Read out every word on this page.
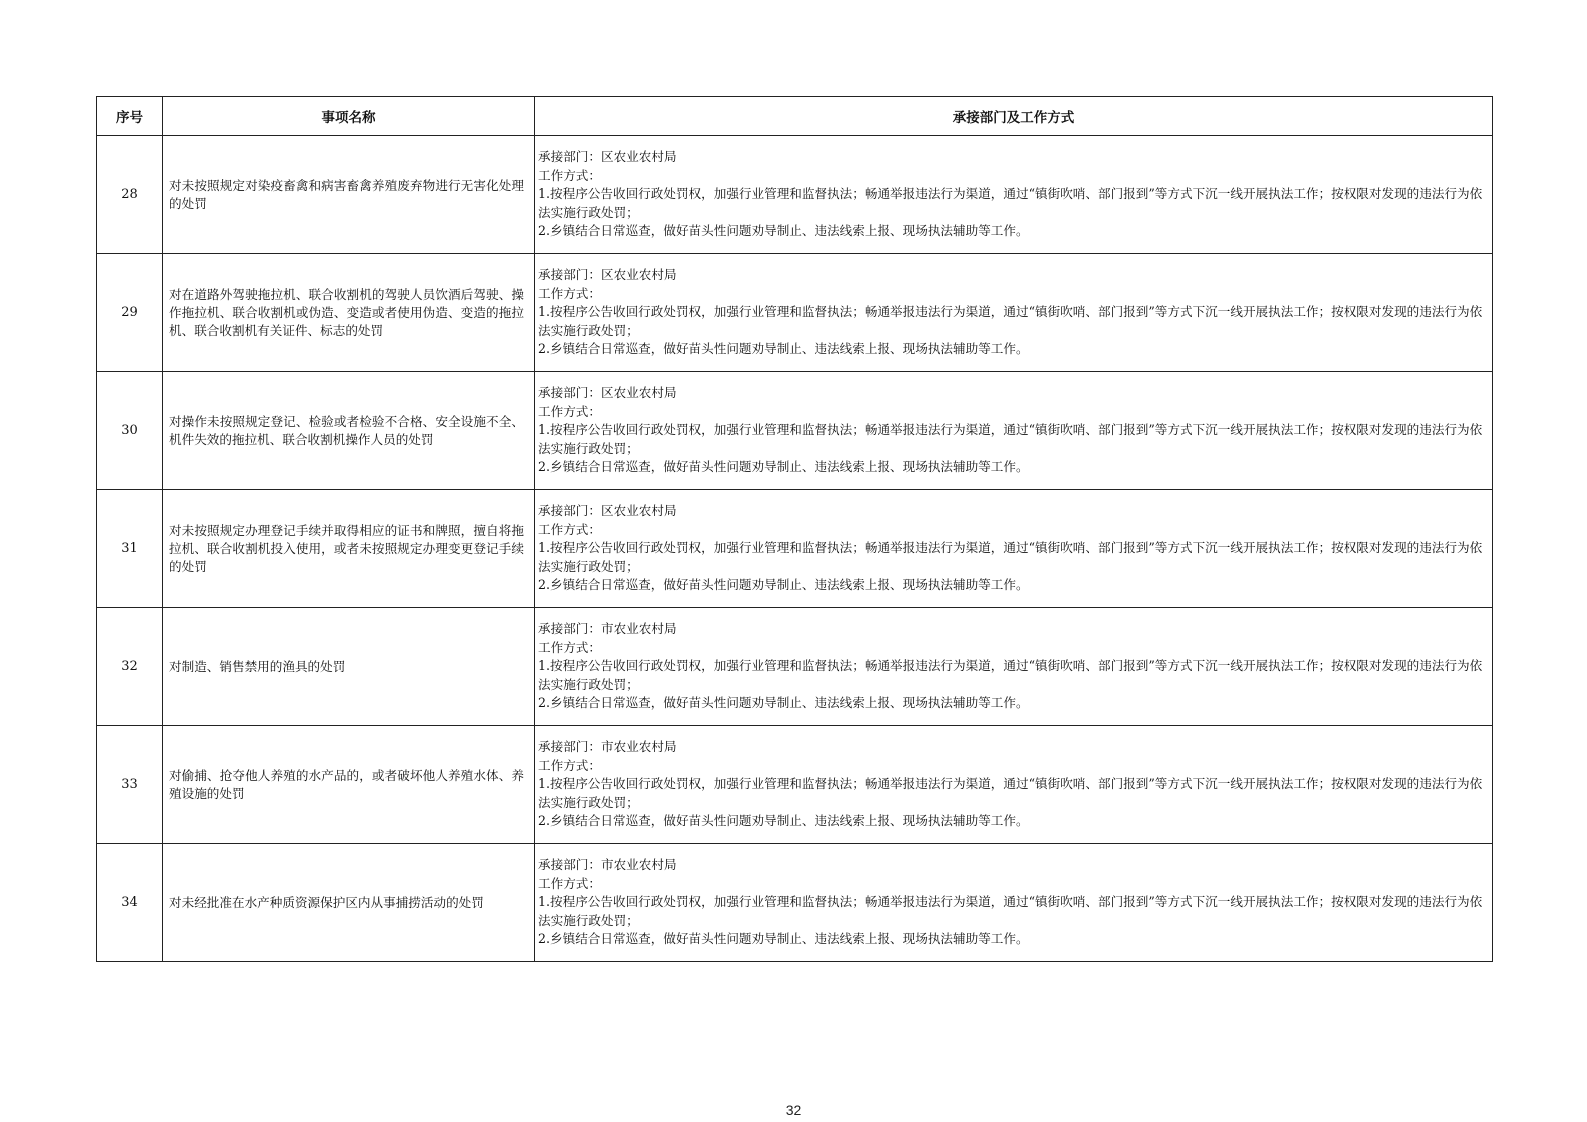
序号	事项名称	承接部门及工作方式
28	对未按照规定对染疫畜禽和病害畜禽养殖废弃物进行无害化处理的处罚	承接部门：区农业农村局
工作方式：
1.按程序公告收回行政处罚权，加强行业管理和监督执法；畅通举报违法行为渠道，通过“镇街吹哨、部门报到”等方式下沉一线开展执法工作；按权限对发现的违法行为依法实施行政处罚；
2.乡镇结合日常巡查，做好苗头性问题劝导制止、违法线索上报、现场执法辅助等工作。

29	对在道路外驾驶拖拉机、联合收割机的驾驶人员饮酒后驾驶、操作拖拉机、联合收割机或伪造、变造或者使用伪造、变造的拖拉机、联合收割机有关证件、标志的处罚	承接部门：区农业农村局
工作方式：
1.按程序公告收回行政处罚权，加强行业管理和监督执法；畅通举报违法行为渠道，通过“镇街吹哨、部门报到”等方式下沉一线开展执法工作；按权限对发现的违法行为依法实施行政处罚；
2.乡镇结合日常巡查，做好苗头性问题劝导制止、违法线索上报、现场执法辅助等工作。

30	对操作未按照规定登记、检验或者检验不合格、安全设施不全、机件失效的拖拉机、联合收割机操作人员的处罚	承接部门：区农业农村局
工作方式：
1.按程序公告收回行政处罚权，加强行业管理和监督执法；畅通举报违法行为渠道，通过“镇街吹哨、部门报到”等方式下沉一线开展执法工作；按权限对发现的违法行为依法实施行政处罚；
2.乡镇结合日常巡查，做好苗头性问题劝导制止、违法线索上报、现场执法辅助等工作。

31	对未按照规定办理登记手续并取得相应的证书和牌照，擅自将拖拉机、联合收割机投入使用，或者未按照规定办理变更登记手续的处罚	承接部门：区农业农村局
工作方式：
1.按程序公告收回行政处罚权，加强行业管理和监督执法；畅通举报违法行为渠道，通过“镇街吹哨、部门报到”等方式下沉一线开展执法工作；按权限对发现的违法行为依法实施行政处罚；
2.乡镇结合日常巡查，做好苗头性问题劝导制止、违法线索上报、现场执法辅助等工作。

32	对制造、销售禁用的渔具的处罚	承接部门：市农业农村局
工作方式：
1.按程序公告收回行政处罚权，加强行业管理和监督执法；畅通举报违法行为渠道，通过“镇街吹哨、部门报到”等方式下沉一线开展执法工作；按权限对发现的违法行为依法实施行政处罚；
2.乡镇结合日常巡查，做好苗头性问题劝导制止、违法线索上报、现场执法辅助等工作。

33	对偷捕、抢夺他人养殖的水产品的，或者破坏他人养殖水体、养殖设施的处罚	承接部门：市农业农村局
工作方式：
1.按程序公告收回行政处罚权，加强行业管理和监督执法；畅通举报违法行为渠道，通过“镇街吹哨、部门报到”等方式下沉一线开展执法工作；按权限对发现的违法行为依法实施行政处罚；
2.乡镇结合日常巡查，做好苗头性问题劝导制止、违法线索上报、现场执法辅助等工作。

34	对未经批准在水产种质资源保护区内从事捕捞活动的处罚	承接部门：市农业农村局
工作方式：
1.按程序公告收回行政处罚权，加强行业管理和监督执法；畅通举报违法行为渠道，通过“镇街吹哨、部门报到”等方式下沉一线开展执法工作；按权限对发现的违法行为依法实施行政处罚；
2.乡镇结合日常巡查，做好苗头性问题劝导制止、违法线索上报、现场执法辅助等工作。
32
